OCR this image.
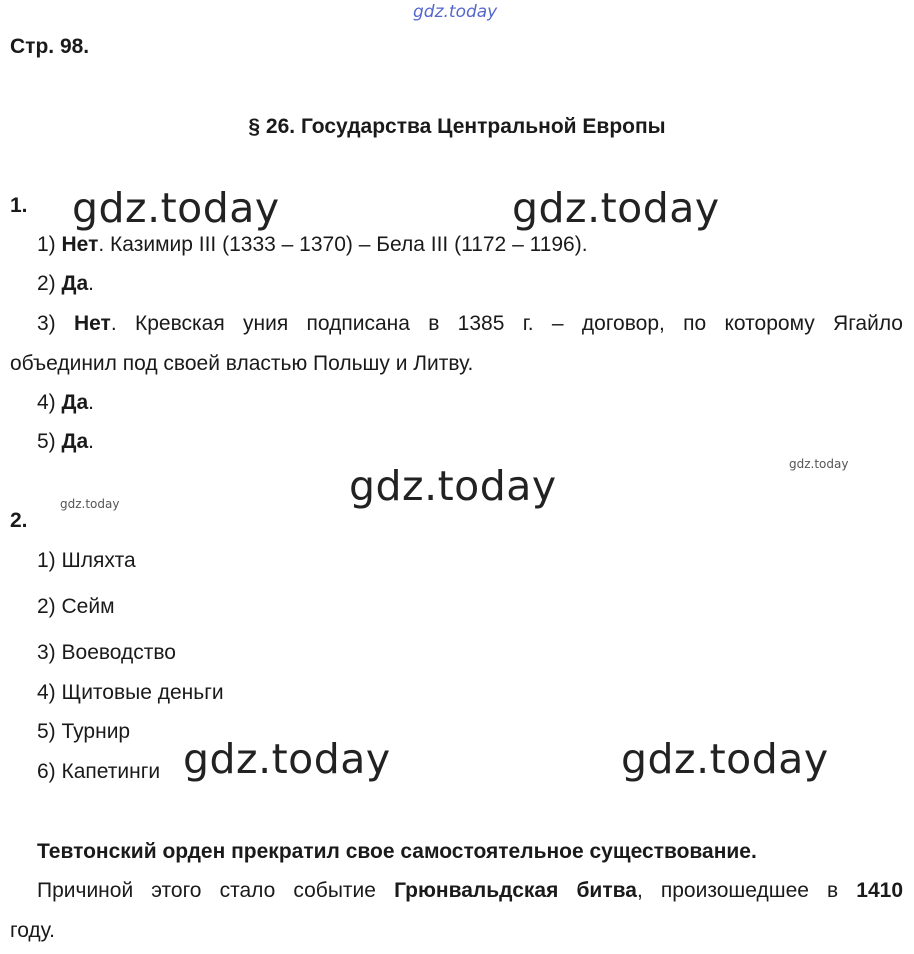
gdz.today
Стр. 98.
§ 26. Государства Центральной Европы
1. gdz.today	gdz.today
1) Нет. Казимир III (1333 – 1370) – Бела III (1172 – 1196).
2) Да.
3) Нет. Кревская уния подписана в 1385 г. – договор, по которому Ягайло
объединил под своей властью Польшу и Литву.
4) Да.
5) Да.
gdz.today
gdz.today
gdz.today
2.
1) Шляхта
2) Сейм
3) Воеводство
4) Щитовые деньги
5) Турнир
6) Капетинги gdz.today	gdz.today
Тевтонский орден прекратил свое самостоятельное существование.
Причиной этого стало событие Грюнвальдская битва, произошедшее в 1410
году.
